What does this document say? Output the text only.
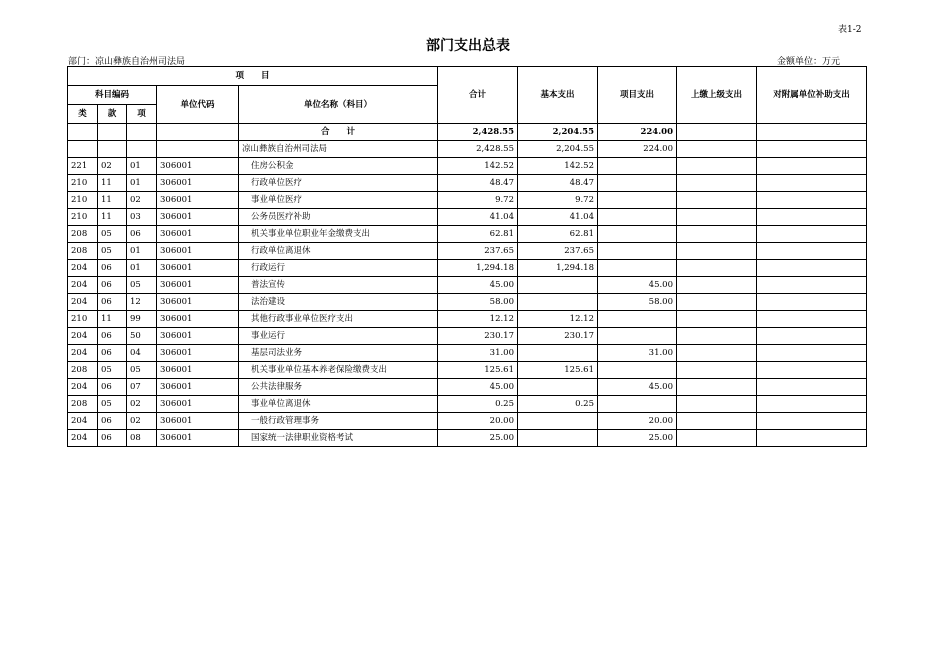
表1-2
部门支出总表
部门：凉山彝族自治州司法局	金额单位：万元
项　　目					合计	基本支出	项目支出	上缴上级支出	对附属单位补助支出
科目编码			单位代码	单位名称（科目）					
类	款	项							
				合　　计	2,428.55	2,204.55	224.00		
				凉山彝族自治州司法局	2,428.55	2,204.55	224.00		
221	02	01	306001	住房公积金	142.52	142.52			
210	11	01	306001	行政单位医疗	48.47	48.47			
210	11	02	306001	事业单位医疗	9.72	9.72			
210	11	03	306001	公务员医疗补助	41.04	41.04			
208	05	06	306001	机关事业单位职业年金缴费支出	62.81	62.81			
208	05	01	306001	行政单位离退休	237.65	237.65			
204	06	01	306001	行政运行	1,294.18	1,294.18			
204	06	05	306001	普法宣传	45.00		45.00		
204	06	12	306001	法治建设	58.00		58.00		
210	11	99	306001	其他行政事业单位医疗支出	12.12	12.12			
204	06	50	306001	事业运行	230.17	230.17			
204	06	04	306001	基层司法业务	31.00		31.00		
208	05	05	306001	机关事业单位基本养老保险缴费支出	125.61	125.61			
204	06	07	306001	公共法律服务	45.00		45.00		
208	05	02	306001	事业单位离退休	0.25	0.25			
204	06	02	306001	一般行政管理事务	20.00		20.00		
204	06	08	306001	国家统一法律职业资格考试	25.00		25.00		
